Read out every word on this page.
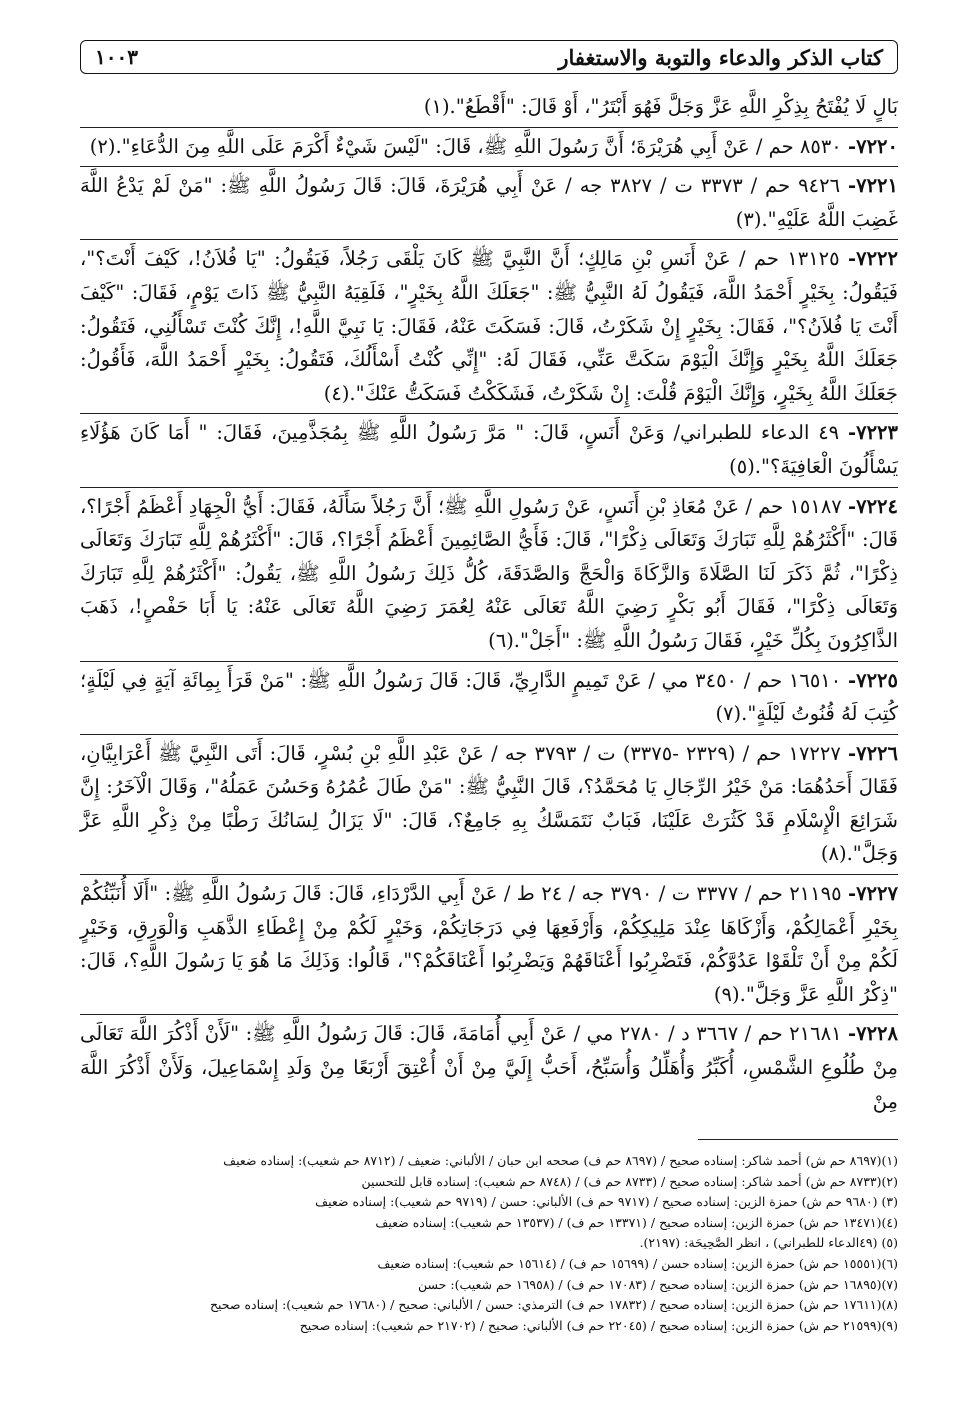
كتاب الذكر والدعاء والتوبة والاستغفار
١٠٠٣
بَالٍ لَا يُفْتَحُ بِذِكْرِ اللَّهِ عَزَّ وَجَلَّ فَهُوَ أَبْتَرُ"، أَوْ قَالَ: "أَقْطَعُ".(١)
٧٢٢٠- ٨٥٣٠ حم / عَنْ أَبِي هُرَيْرَةَ؛ أَنَّ رَسُولَ اللَّهِ ﷺ، قَالَ: "لَيْسَ شَيْءٌ أَكْرَمَ عَلَى اللَّهِ مِنَ الدُّعَاءِ".(٢)
٧٢٢١- ٩٤٢٦ حم / ٣٣٧٣ ت / ٣٨٢٧ جه / عَنْ أَبِي هُرَيْرَةَ، قَالَ: قَالَ رَسُولُ اللَّهِ ﷺ: "مَنْ لَمْ يَدْعُ اللَّهَ غَضِبَ اللَّهُ عَلَيْهِ".(٣)
٧٢٢٢- ١٣١٢٥ حم / عَنْ أَنَسِ بْنِ مَالِكٍ؛ أَنَّ النَّبِيَّ ﷺ كَانَ يَلْقَى رَجُلاً، فَيَقُولُ: "يَا فُلاَنُ!، كَيْفَ أَنْتَ؟"، فَيَقُولُ: بِخَيْرٍ أَحْمَدُ اللَّهَ، فَيَقُولُ لَهُ النَّبِيُّ ﷺ: "جَعَلَكَ اللَّهُ بِخَيْرٍ"، فَلَقِيَهُ النَّبِيُّ ﷺ ذَاتَ يَوْمٍ، فَقَالَ: "كَيْفَ أَنْتَ يَا فُلاَنُ؟"، فَقَالَ: بِخَيْرٍ إِنْ شَكَرْتُ، قَالَ: فَسَكَتَ عَنْهُ، فَقَالَ: يَا نَبِيَّ اللَّهِ!، إِنَّكَ كُنْتَ تَسْأَلُنِي، فَتَقُولُ: جَعَلَكَ اللَّهُ بِخَيْرٍ وَإِنَّكَ الْيَوْمَ سَكَتَّ عَنِّي، فَقَالَ لَهُ: "إِنِّي كُنْتُ أَسْأَلُكَ، فَتَقُولُ: بِخَيْرٍ أَحْمَدُ اللَّهَ، فَأَقُولُ: جَعَلَكَ اللَّهُ بِخَيْرٍ، وَإِنَّكَ الْيَوْمَ قُلْتَ: إِنْ شَكَرْتُ، فَشَكَكْتُ فَسَكَتُّ عَنْكَ".(٤)
٧٢٢٣- ٤٩ الدعاء للطبراني/ وَعَنْ أَنَسٍ، قَالَ: " مَرَّ رَسُولُ اللَّهِ ﷺ بِمُجَذَّمِينَ، فَقَالَ: " أَمَا كَانَ هَؤُلَاءِ يَسْأَلُونَ الْعَافِيَةَ؟".(٥)
٧٢٢٤- ١٥١٨٧ حم / عَنْ مُعَاذِ بْنِ أَنَسٍ، عَنْ رَسُولِ اللَّهِ ﷺ؛ أَنَّ رَجُلاً سَأَلَهُ، فَقَالَ: أَيُّ الْجِهَادِ أَعْظَمُ أَجْرًا؟، قَالَ: "أَكْثَرُهُمْ لِلَّهِ تَبَارَكَ وَتَعَالَى ذِكْرًا"، قَالَ: فَأَيُّ الصَّائِمِينَ أَعْظَمُ أَجْرًا؟، قَالَ: "أَكْثَرُهُمْ لِلَّهِ تَبَارَكَ وَتَعَالَى ذِكْرًا"، ثُمَّ ذَكَرَ لَنَا الصَّلَاةَ وَالزَّكَاةَ وَالْحَجَّ وَالصَّدَقَةَ، كُلُّ ذَلِكَ رَسُولُ اللَّهِ ﷺ، يَقُولُ: "أَكْثَرُهُمْ لِلَّهِ تَبَارَكَ وَتَعَالَى ذِكْرًا"، فَقَالَ أَبُو بَكْرٍ رَضِيَ اللَّهُ تَعَالَى عَنْهُ لِعُمَرَ رَضِيَ اللَّهُ تَعَالَى عَنْهُ: يَا أَبَا حَفْصٍ!، ذَهَبَ الذَّاكِرُونَ بِكُلِّ خَيْرٍ، فَقَالَ رَسُولُ اللَّهِ ﷺ: "أَجَلْ".(٦)
٧٢٢٥- ١٦٥١٠ حم / ٣٤٥٠ مي / عَنْ تَمِيمٍ الدَّارِيِّ، قَالَ: قَالَ رَسُولُ اللَّهِ ﷺ: "مَنْ قَرَأَ بِمِائَةِ آيَةٍ فِي لَيْلَةٍ؛ كُتِبَ لَهُ قُنُوتُ لَيْلَةٍ".(٧)
٧٢٢٦- ١٧٢٢٧ حم / (٢٣٢٩ -٣٣٧٥) ت / ٣٧٩٣ جه / عَنْ عَبْدِ اللَّهِ بْنِ بُسْرٍ، قَالَ: أَتَى النَّبِيَّ ﷺ أَعْرَابِيَّانِ، فَقَالَ أَحَدُهُمَا: مَنْ خَيْرُ الرِّجَالِ يَا مُحَمَّدُ؟، قَالَ النَّبِيُّ ﷺ: "مَنْ طَالَ عُمُرُهُ وَحَسُنَ عَمَلُهُ"، وَقَالَ الْآخَرُ: إِنَّ شَرَائِعَ الْإِسْلَامِ قَدْ كَثُرَتْ عَلَيْنَا، فَبَابٌ نَتَمَسَّكُ بِهِ جَامِعٌ؟، قَالَ: "لَا يَزَالُ لِسَانُكَ رَطْبًا مِنْ ذِكْرِ اللَّهِ عَزَّ وَجَلَّ".(٨)
٧٢٢٧- ٢١١٩٥ حم / ٣٣٧٧ ت / ٣٧٩٠ جه / ٢٤ ط / عَنْ أَبِي الدَّرْدَاءِ، قَالَ: قَالَ رَسُولُ اللَّهِ ﷺ: "أَلَا أُنَبِّئُكُمْ بِخَيْرِ أَعْمَالِكُمْ، وَأَزْكَاهَا عِنْدَ مَلِيكِكُمْ، وَأَرْفَعِهَا فِي دَرَجَاتِكُمْ، وَخَيْرٍ لَكُمْ مِنْ إِعْطَاءِ الذَّهَبِ وَالْوَرِقِ، وَخَيْرٍ لَكُمْ مِنْ أَنْ تَلْقَوْا عَدُوَّكُمْ، فَتَضْرِبُوا أَعْنَاقَهُمْ وَيَضْرِبُوا أَعْنَاقَكُمْ؟"، قَالُوا: وَذَلِكَ مَا هُوَ يَا رَسُولَ اللَّهِ؟، قَالَ: "ذِكْرُ اللَّهِ عَزَّ وَجَلَّ".(٩)
٧٢٢٨- ٢١٦٨١ حم / ٣٦٦٧ د / ٢٧٨٠ مي / عَنْ أَبِي أُمَامَةَ، قَالَ: قَالَ رَسُولُ اللَّهِ ﷺ: "لَأَنْ أَذْكُرَ اللَّهَ تَعَالَى مِنْ طُلُوعِ الشَّمْسِ، أُكَبِّرُ وَأُهَلِّلُ وَأُسَبِّحُ، أَحَبُّ إِلَيَّ مِنْ أَنْ أُعْتِقَ أَرْبَعًا مِنْ وَلَدِ إِسْمَاعِيلَ، وَلَأَنْ أَذْكُرَ اللَّهَ مِنْ

(١)(٨٦٩٧ حم ش) أحمد شاكر: إسناده صحيح / (٨٦٩٧ حم ف) صححه ابن حبان / الألباني: ضعيف / (٨٧١٢ حم شعيب): إسناده ضعيف

(٢)(٨٧٣٣ حم ش) أحمد شاكر: إسناده صحيح / (٨٧٣٣ حم ف) / (٨٧٤٨ حم شعيب): إسناده قابل للتحسين

(٣) (٩٦٨٠ حم ش) حمزة الزين: إسناده صحيح / (٩٧١٧ حم ف) الألباني: حسن / (٩٧١٩ حم شعيب): إسناده ضعيف

(٤)(١٣٤٧١ حم ش) حمزة الزين: إسناده صحيح / (١٣٣٧١ حم ف) / (١٣٥٣٧ حم شعيب): إسناده ضعيف

(٥) (٤٩الدعاء للطبراني) ، انظر الصَّحِيحَة: (٢١٩٧).

(٦)(١٥٥٥١ حم ش) حمزة الزين: إسناده حسن / (١٥٦٩٩ حم ف) / (١٥٦١٤ حم شعيب): إسناده ضعيف

(٧)(١٦٨٩٥ حم ش) حمزة الزين: إسناده صحيح / (١٧٠٨٣ حم ف) / (١٦٩٥٨ حم شعيب): حسن

(٨)(١٧٦١١ حم ش) حمزة الزين: إسناده صحيح / (١٧٨٣٢ حم ف) الترمذي: حسن / الألباني: صحيح / (١٧٦٨٠ حم شعيب): إسناده صحيح

(٩)(٢١٥٩٩ حم ش) حمزة الزين: إسناده صحيح / (٢٢٠٤٥ حم ف) الألباني: صحيح / (٢١٧٠٢ حم شعيب): إسناده صحيح
